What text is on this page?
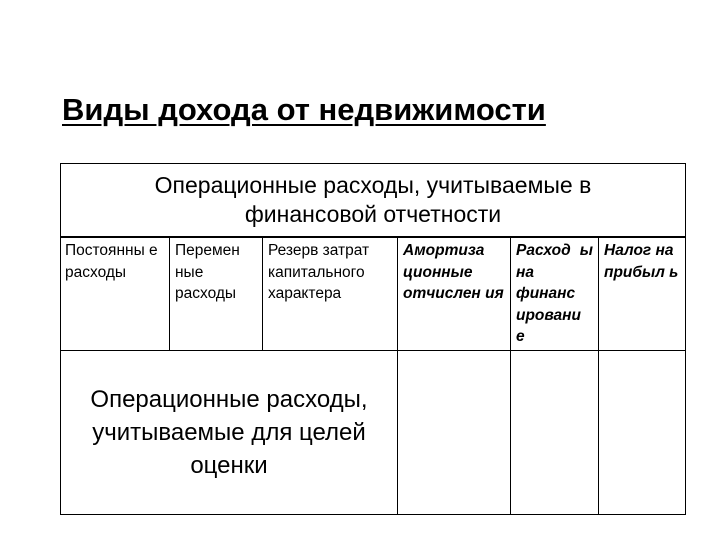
Виды дохода от недвижимости
Операционные расходы, учитываемые в финансовой отчетности
Постоянны е расходы
Перемен ные расходы
Резерв затрат капитального характера
Амортиза ционные отчислен ия
Расход ы на финанс ировани е
Налог на прибыл ь
Операционные расходы, учитываемые для целей оценки
